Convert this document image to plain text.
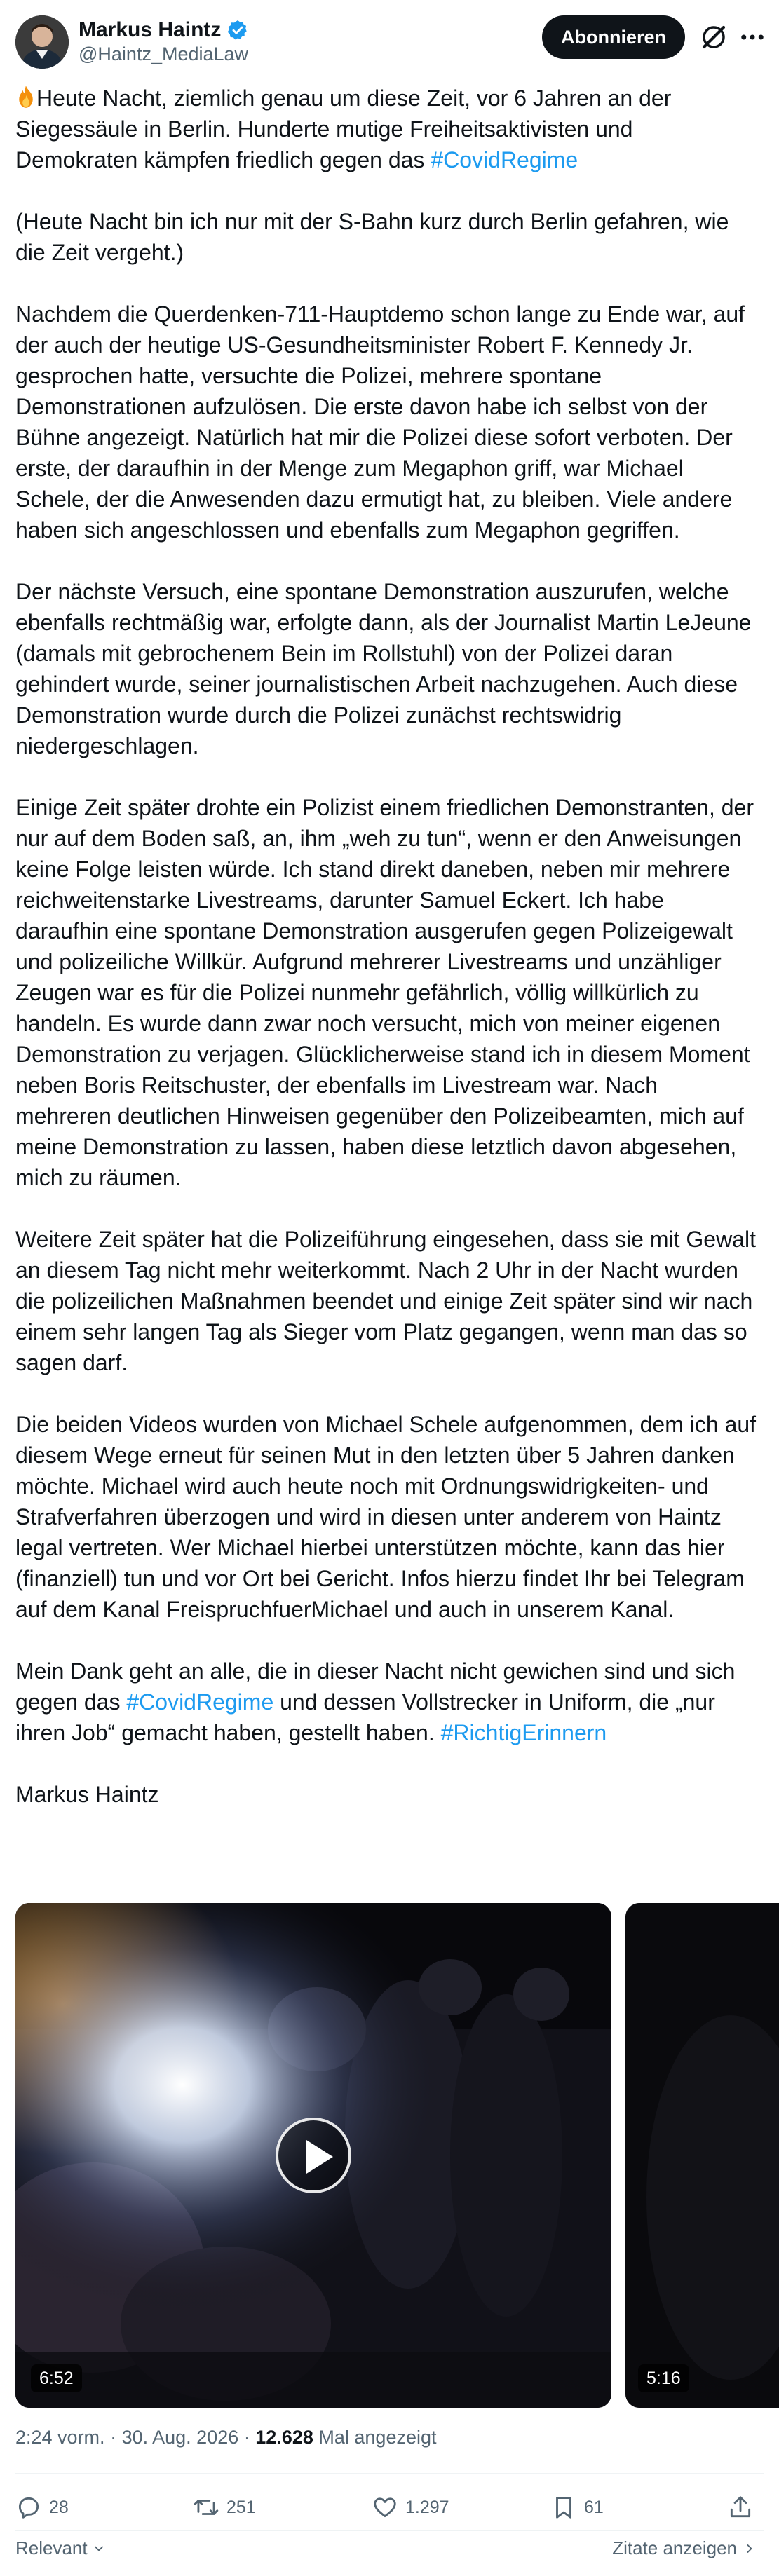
Markus Haintz
@Haintz_MediaLaw
Abonnieren

Heute Nacht, ziemlich genau um diese Zeit, vor 6 Jahren an der Siegessäule in Berlin. Hunderte mutige Freiheitsaktivisten und Demokraten kämpfen friedlich gegen das #CovidRegime

(Heute Nacht bin ich nur mit der S-Bahn kurz durch Berlin gefahren, wie die Zeit vergeht.)

Nachdem die Querdenken-711-Hauptdemo schon lange zu Ende war, auf der auch der heutige US-Gesundheitsminister Robert F. Kennedy Jr. gesprochen hatte, versuchte die Polizei, mehrere spontane Demonstrationen aufzulösen. Die erste davon habe ich selbst von der Bühne angezeigt. Natürlich hat mir die Polizei diese sofort verboten. Der erste, der daraufhin in der Menge zum Megaphon griff, war Michael Schele, der die Anwesenden dazu ermutigt hat, zu bleiben. Viele andere haben sich angeschlossen und ebenfalls zum Megaphon gegriffen.

Der nächste Versuch, eine spontane Demonstration auszurufen, welche ebenfalls rechtmäßig war, erfolgte dann, als der Journalist Martin LeJeune (damals mit gebrochenem Bein im Rollstuhl) von der Polizei daran gehindert wurde, seiner journalistischen Arbeit nachzugehen. Auch diese Demonstration wurde durch die Polizei zunächst rechtswidrig niedergeschlagen.

Einige Zeit später drohte ein Polizist einem friedlichen Demonstranten, der nur auf dem Boden saß, an, ihm „weh zu tun“, wenn er den Anweisungen keine Folge leisten würde. Ich stand direkt daneben, neben mir mehrere reichweitenstarke Livestreams, darunter Samuel Eckert. Ich habe daraufhin eine spontane Demonstration ausgerufen gegen Polizeigewalt und polizeiliche Willkür. Aufgrund mehrerer Livestreams und unzähliger Zeugen war es für die Polizei nunmehr gefährlich, völlig willkürlich zu handeln. Es wurde dann zwar noch versucht, mich von meiner eigenen Demonstration zu verjagen. Glücklicherweise stand ich in diesem Moment neben Boris Reitschuster, der ebenfalls im Livestream war. Nach mehreren deutlichen Hinweisen gegenüber den Polizeibeamten, mich auf meine Demonstration zu lassen, haben diese letztlich davon abgesehen, mich zu räumen.

Weitere Zeit später hat die Polizeiführung eingesehen, dass sie mit Gewalt an diesem Tag nicht mehr weiterkommt. Nach 2 Uhr in der Nacht wurden die polizeilichen Maßnahmen beendet und einige Zeit später sind wir nach einem sehr langen Tag als Sieger vom Platz gegangen, wenn man das so sagen darf.

Die beiden Videos wurden von Michael Schele aufgenommen, dem ich auf diesem Wege erneut für seinen Mut in den letzten über 5 Jahren danken möchte. Michael wird auch heute noch mit Ordnungswidrigkeiten- und Strafverfahren überzogen und wird in diesen unter anderem von Haintz legal vertreten. Wer Michael hierbei unterstützen möchte, kann das hier (finanziell) tun und vor Ort bei Gericht. Infos hierzu findet Ihr bei Telegram auf dem Kanal FreispruchfuerMichael und auch in unserem Kanal.

Mein Dank geht an alle, die in dieser Nacht nicht gewichen sind und sich gegen das #CovidRegime und dessen Vollstrecker in Uniform, die „nur ihren Job“ gemacht haben, gestellt haben. #RichtigErinnern

Markus Haintz

6:52	5:16
2:24 vorm. · 30. Aug. 2026 · 12.628 Mal angezeigt
28	251	1.297	61
Relevant	Zitate anzeigen
